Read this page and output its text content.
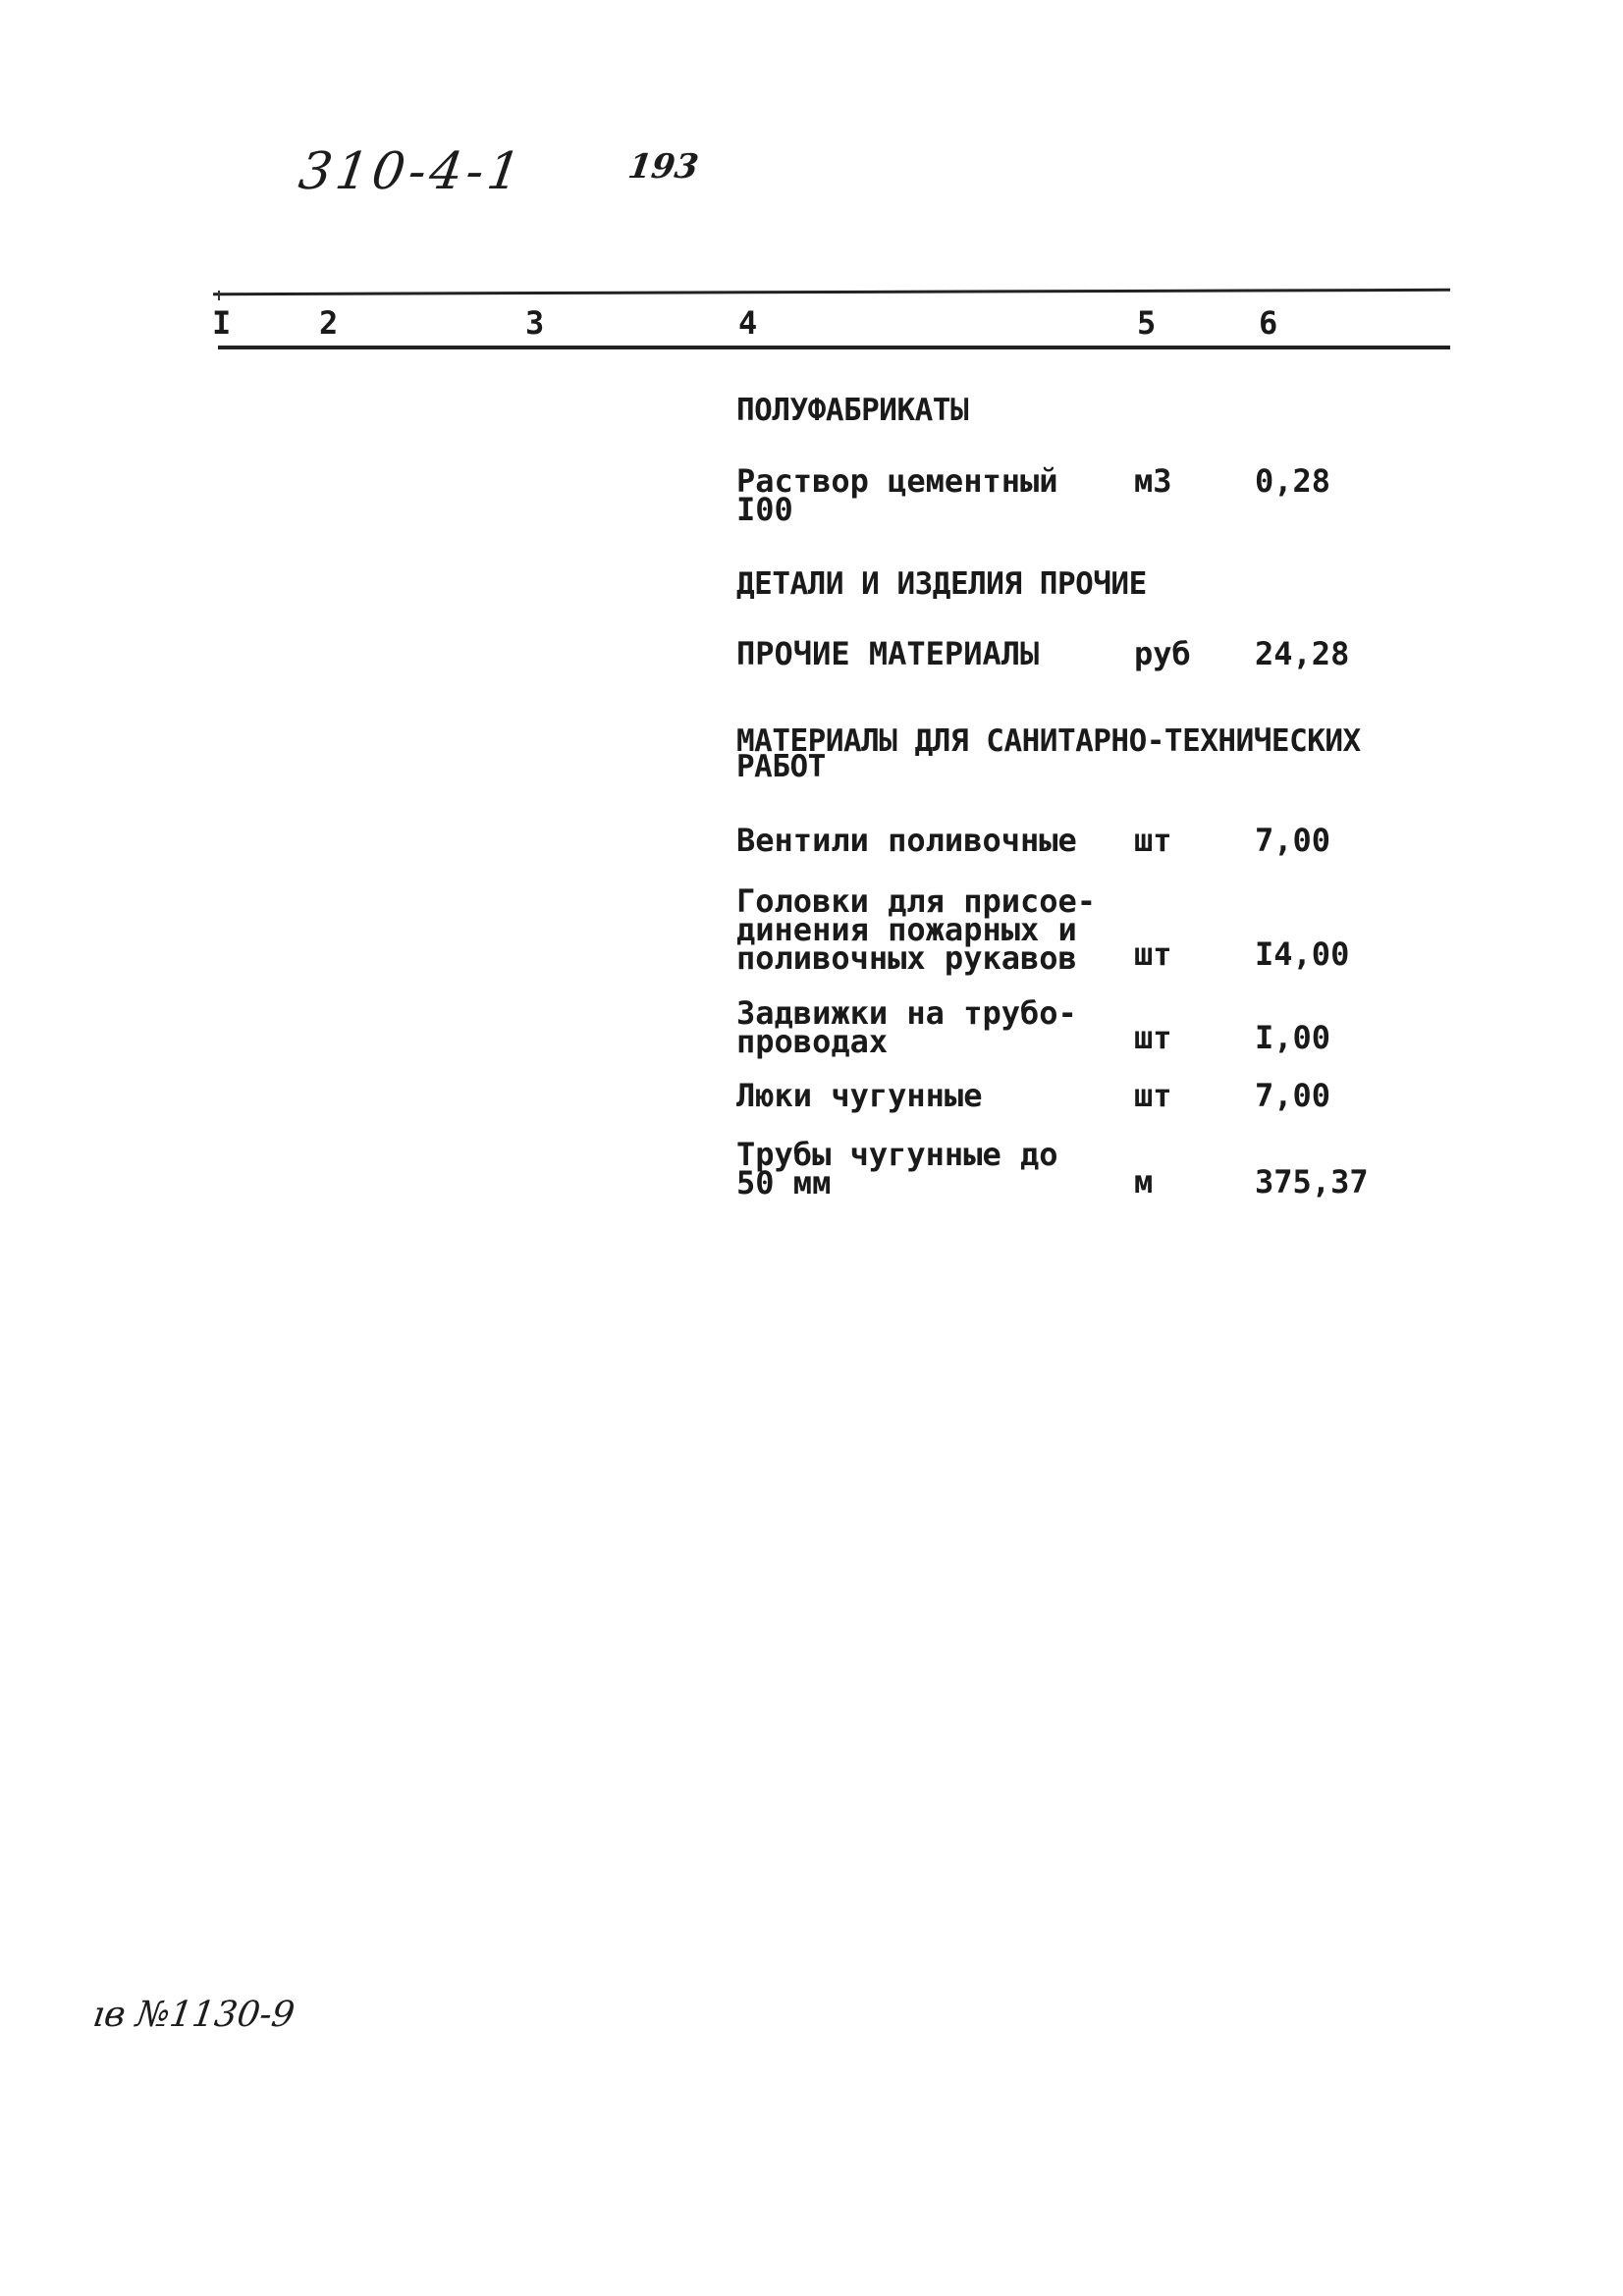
310-4-1	193
I	2	3	4	5	6
ПОЛУФАБРИКАТЫ
Раствор цементный I00
м3	0,28
ДЕТАЛИ И ИЗДЕЛИЯ ПРОЧИЕ
ПРОЧИЕ МАТЕРИАЛЫ	руб	24,28
МАТЕРИАЛЫ ДЛЯ САНИТАРНО-ТЕХНИЧЕСКИХ
РАБОТ
Вентили поливочные	шт	7,00
Головки для присое-
динения пожарных и
поливочных рукавов	шт	I4,00
Задвижки на трубо-
проводах	шт	I,00
Люки чугунные	шт	7,00
Трубы чугунные до
50 мм	м	375,37
ıв №1130-9
